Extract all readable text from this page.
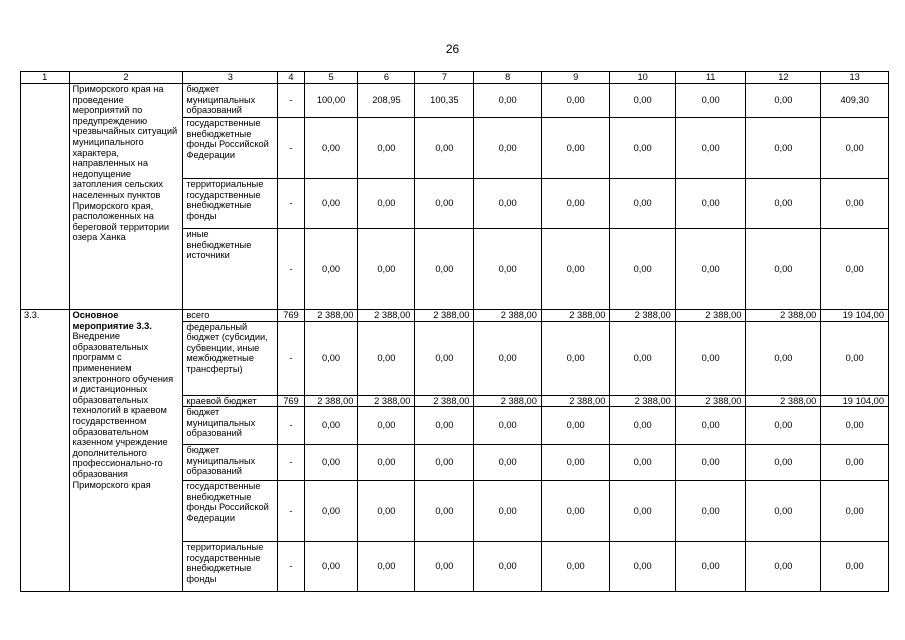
26
1	2	3	4	5	6	7	8	9	10	11	12	13
	Приморского края на проведение мероприятий по предупреждению чрезвычайных ситуаций муниципального характера, направленных на недопущение затопления сельских населенных пунктов Приморского края, расположенных на береговой территории озера Ханка	бюджет муниципальных образований	-	100,00	208,95	100,35	0,00	0,00	0,00	0,00	0,00	409,30
		государственные внебюджетные фонды Российской Федерации	-	0,00	0,00	0,00	0,00	0,00	0,00	0,00	0,00	0,00
		территориальные государственные внебюджетные фонды	-	0,00	0,00	0,00	0,00	0,00	0,00	0,00	0,00	0,00
		иные внебюджетные источники	-	0,00	0,00	0,00	0,00	0,00	0,00	0,00	0,00	0,00
3.3.	Основное мероприятие 3.3. Внедрение образовательных программ с применением электронного обучения и дистанционных образовательных технологий в краевом государственном образовательном казенном учреждение дополнительного профессионально-го образования Приморского края	всего	769	2 388,00	2 388,00	2 388,00	2 388,00	2 388,00	2 388,00	2 388,00	2 388,00	19 104,00
		федеральный бюджет (субсидии, субвенции, иные межбюджетные трансферты)	-	0,00	0,00	0,00	0,00	0,00	0,00	0,00	0,00	0,00
		краевой бюджет	769	2 388,00	2 388,00	2 388,00	2 388,00	2 388,00	2 388,00	2 388,00	2 388,00	19 104,00
		бюджет муниципальных образований	-	0,00	0,00	0,00	0,00	0,00	0,00	0,00	0,00	0,00
		бюджет муниципальных образований	-	0,00	0,00	0,00	0,00	0,00	0,00	0,00	0,00	0,00
		государственные внебюджетные фонды Российской Федерации	-	0,00	0,00	0,00	0,00	0,00	0,00	0,00	0,00	0,00
		территориальные государственные внебюджетные фонды	-	0,00	0,00	0,00	0,00	0,00	0,00	0,00	0,00	0,00
